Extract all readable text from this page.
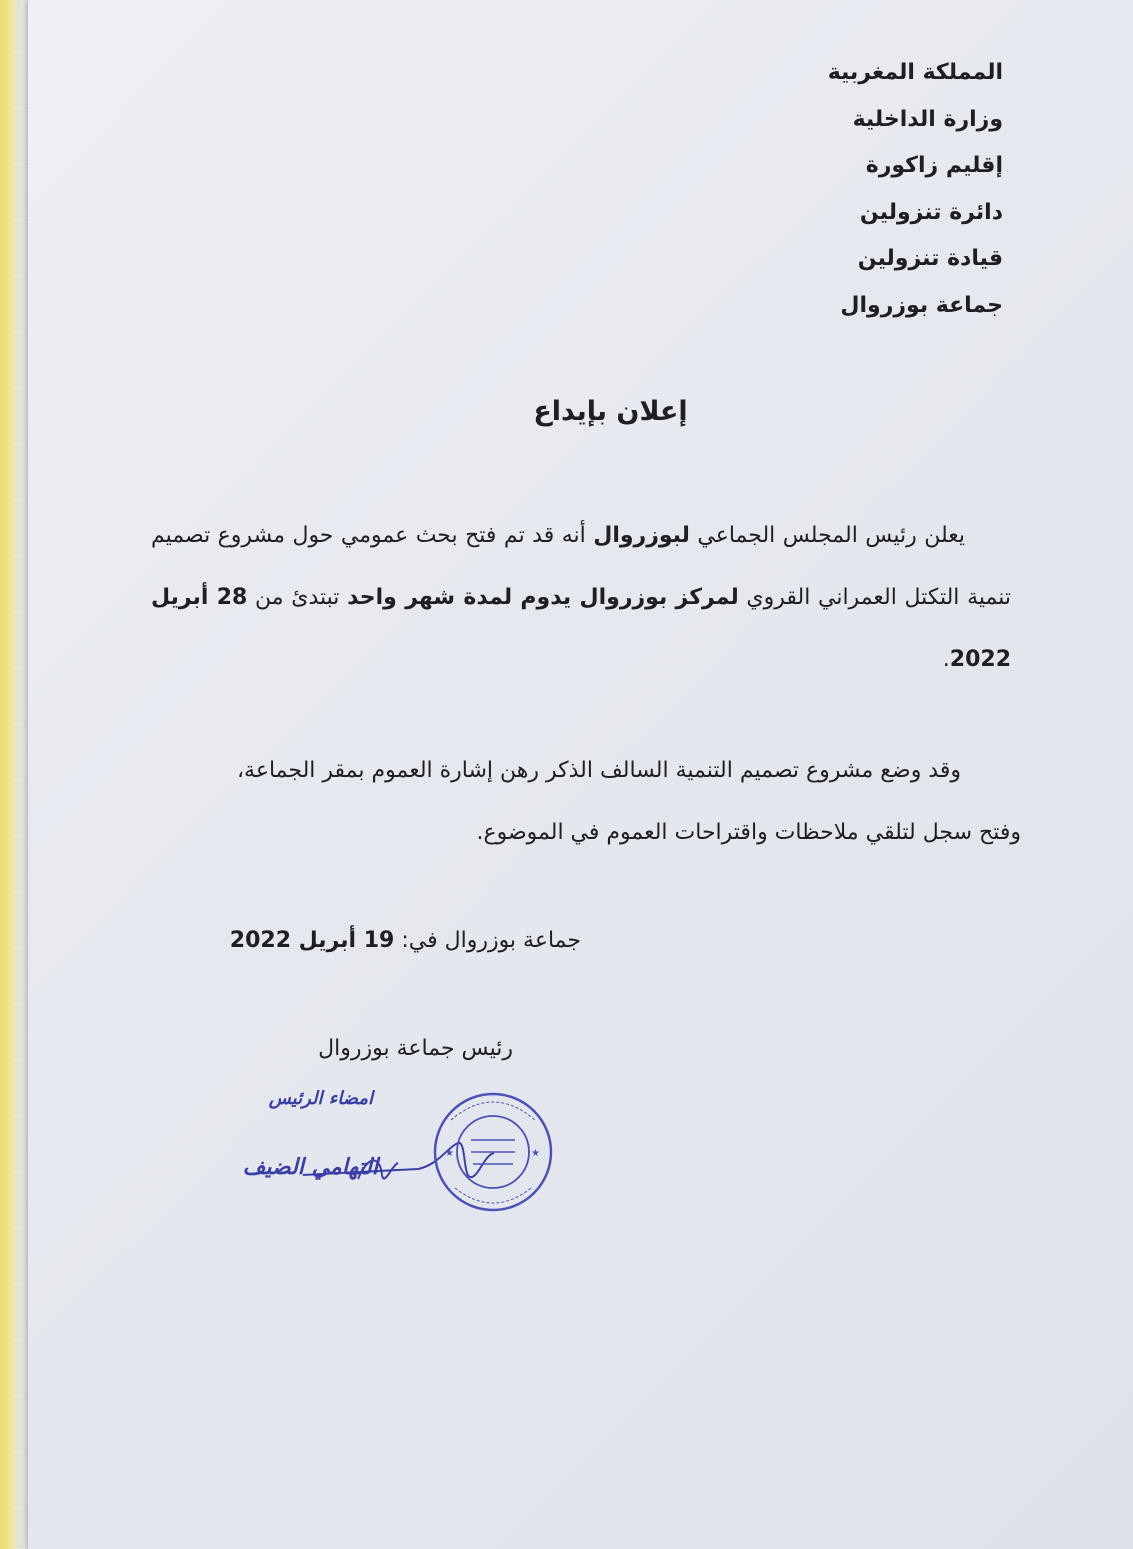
المملكة المغربية
وزارة الداخلية
إقليم زاكورة
دائرة تنزولين
قيادة تنزولين
جماعة بوزروال
إعلان بإيداع
يعلن رئيس المجلس الجماعي لبوزروال أنه قد تم فتح بحث عمومي حول مشروع تصميم تنمية التكتل العمراني القروي لمركز بوزروال يدوم لمدة شهر واحد تبتدئ من 28 أبريل 2022.
وقد وضع مشروع تصميم التنمية السالف الذكر رهن إشارة العموم بمقر الجماعة،
وفتح سجل لتلقي ملاحظات واقتراحات العموم في الموضوع.
جماعة بوزروال في: 19 أبريل 2022
رئيس جماعة بوزروال
امضاء الرئيس
التهامي الضيف
★	★
